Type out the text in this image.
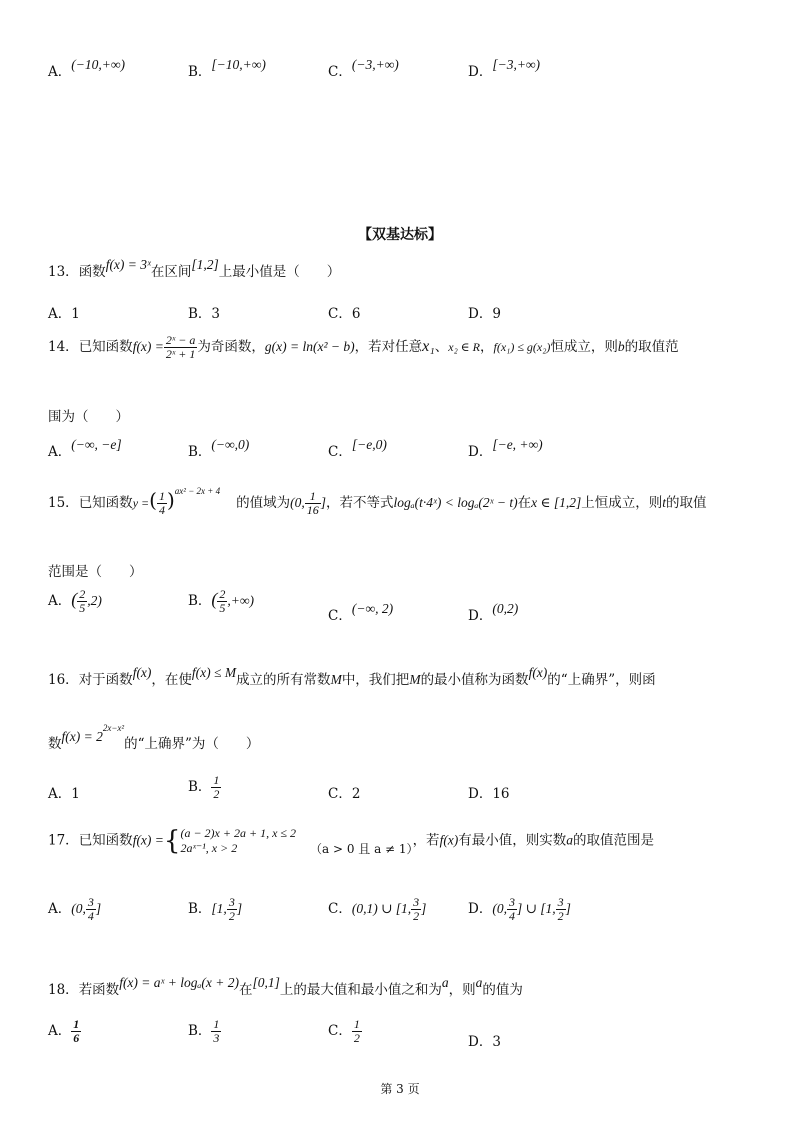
A．(−10,+∞)	B．[−10,+∞)	C．(−3,+∞)	D．[−3,+∞)
【双基达标】
13．函数f(x) = 3ˣ在区间[1,2]上最小值是（　　）
A．1	B．3	C．6	D．9
14．已知函数$f(x) = \frac{\text{2ˣ − a}}{\text{2ˣ + 1}}$ 为奇函数，g(x) = ln(x² − b)，若对任意x₁、x₂ ∈ R，f(x₁) ≤ g(x₂)恒成立，则b的取值范
围为（　　）
A．(−∞, −e]	B．(−∞,0)	C．[−e,0)	D．[−e, +∞)
15．已知函数y =( $\frac{1}{4} )^{ax^2 - 2x + 4}$的值域为(0, $\frac{1}{16}$ ]，若不等式logₐ(t·4ˣ) < logₐ(2ˣ − t)在x ∈ [1,2]上恒成立，则t的取值
范围是（　　）
A．( $\frac{2}{5} ,2$)	B．( $\frac{2}{5}$ ,+∞)
C．(−∞, 2)	D．(0,2)
16．对于函数f(x)，在使f(x) ≤ M成立的所有常数M中，我们把M的最小值称为函数f(x)的“上确界”，则函
数$f(x) = 2^{2x-x^2}$的“上确界”为（　　）
A．1	B． $\frac{1}{2}$	C．2	D．16
17．已知函数f(x) ={ (a − 2)x + 2a + 1, x ≤ 2
2aˣ⁻¹, x > 2	（a > 0 且 a ≠ 1），若f(x)有最小值，则实数a的取值范围是
A．(0, $\frac{3}{4}$ ]	B．[1, $\frac{3}{2}$ ]	C．(0,1) ∪ [1, $\frac{3}{2}$ ]	D．(0, $\frac{3}{4}$ ] ∪ [1, $\frac{3}{2}$ ]
18．若函数f(x) = aˣ + logₐ(x + 2)在[0,1]上的最大值和最小值之和为a，则a的值为
A． $\frac{1}{6}$	B． $\frac{1}{3}$	C． $\frac{1}{2}$	D．3
第 3 页
